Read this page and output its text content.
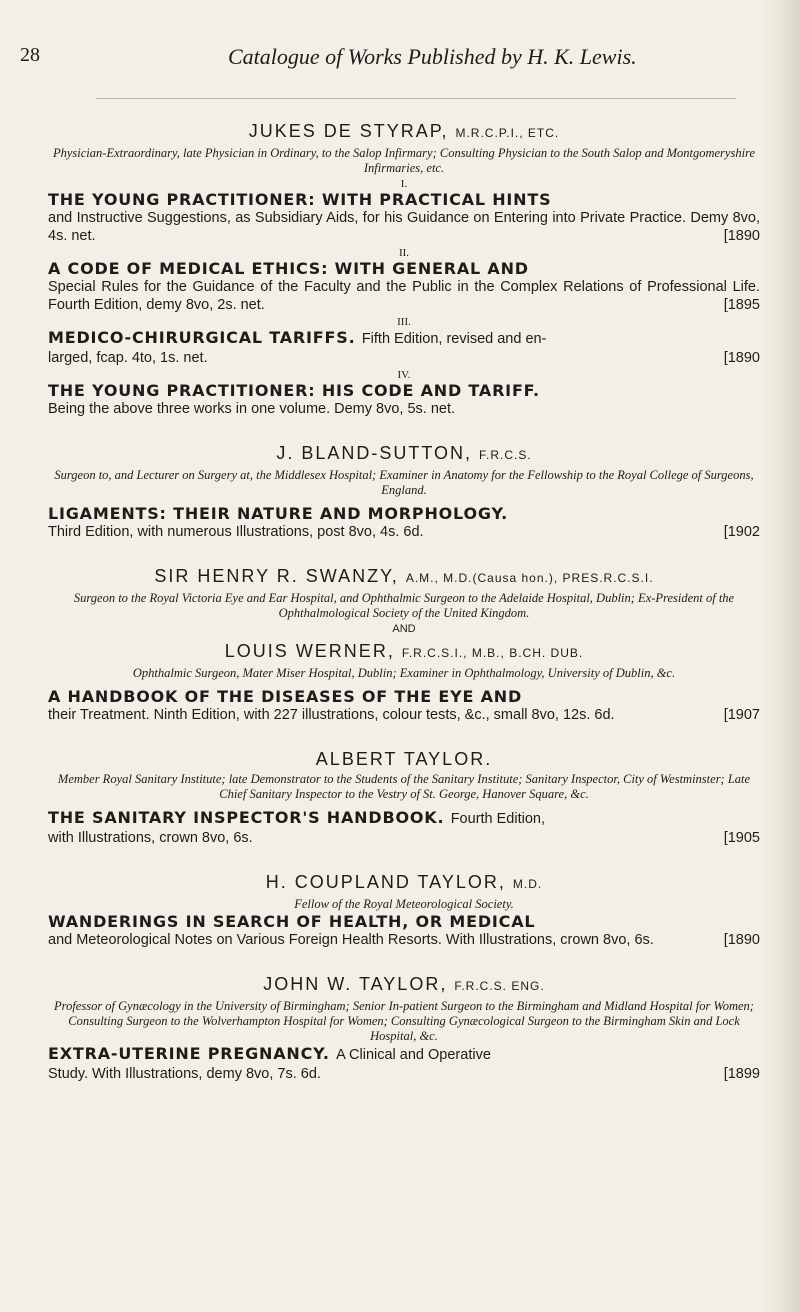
28	Catalogue of Works Published by H. K. Lewis.

JUKES DE STYRAP, M.R.C.P.I., ETC.

Physician-Extraordinary, late Physician in Ordinary, to the Salop Infirmary; Consulting Physician to the South Salop and Montgomeryshire Infirmaries, etc.

I.

THE YOUNG PRACTITIONER: WITH PRACTICAL HINTS

and Instructive Suggestions, as Subsidiary Aids, for his Guidance on Entering into Private Practice. Demy 8vo, 4s. net.	[1890

II.

A CODE OF MEDICAL ETHICS: WITH GENERAL AND

Special Rules for the Guidance of the Faculty and the Public in the Complex Relations of Professional Life. Fourth Edition, demy 8vo, 2s. net.	[1895

III.

MEDICO-CHIRURGICAL TARIFFS. Fifth Edition, revised and en-

larged, fcap. 4to, 1s. net.	[1890

IV.

THE YOUNG PRACTITIONER: HIS CODE AND TARIFF.

Being the above three works in one volume. Demy 8vo, 5s. net.

J. BLAND-SUTTON, F.R.C.S.

Surgeon to, and Lecturer on Surgery at, the Middlesex Hospital; Examiner in Anatomy for the Fellowship to the Royal College of Surgeons, England.

LIGAMENTS: THEIR NATURE AND MORPHOLOGY.

Third Edition, with numerous Illustrations, post 8vo, 4s. 6d.	[1902

SIR HENRY R. SWANZY, A.M., M.D.(Causa hon.), PRES.R.C.S.I.

Surgeon to the Royal Victoria Eye and Ear Hospital, and Ophthalmic Surgeon to the Adelaide Hospital, Dublin; Ex-President of the Ophthalmological Society of the United Kingdom.

AND

LOUIS WERNER, F.R.C.S.I., M.B., B.CH. DUB.

Ophthalmic Surgeon, Mater Miser Hospital, Dublin; Examiner in Ophthalmology, University of Dublin, &c.

A HANDBOOK OF THE DISEASES OF THE EYE AND

their Treatment. Ninth Edition, with 227 illustrations, colour tests, &c., small 8vo, 12s. 6d.	[1907

ALBERT TAYLOR.

Member Royal Sanitary Institute; late Demonstrator to the Students of the Sanitary Institute; Sanitary Inspector, City of Westminster; Late Chief Sanitary Inspector to the Vestry of St. George, Hanover Square, &c.

THE SANITARY INSPECTOR'S HANDBOOK. Fourth Edition,

with Illustrations, crown 8vo, 6s.	[1905

H. COUPLAND TAYLOR, M.D.

Fellow of the Royal Meteorological Society.

WANDERINGS IN SEARCH OF HEALTH, OR MEDICAL

and Meteorological Notes on Various Foreign Health Resorts. With Illustrations, crown 8vo, 6s.	[1890

JOHN W. TAYLOR, F.R.C.S. ENG.

Professor of Gynæcology in the University of Birmingham; Senior In-patient Surgeon to the Birmingham and Midland Hospital for Women; Consulting Surgeon to the Wolverhampton Hospital for Women; Consulting Gynæcological Surgeon to the Birmingham Skin and Lock Hospital, &c.

EXTRA-UTERINE PREGNANCY. A Clinical and Operative

Study. With Illustrations, demy 8vo, 7s. 6d.	[1899
